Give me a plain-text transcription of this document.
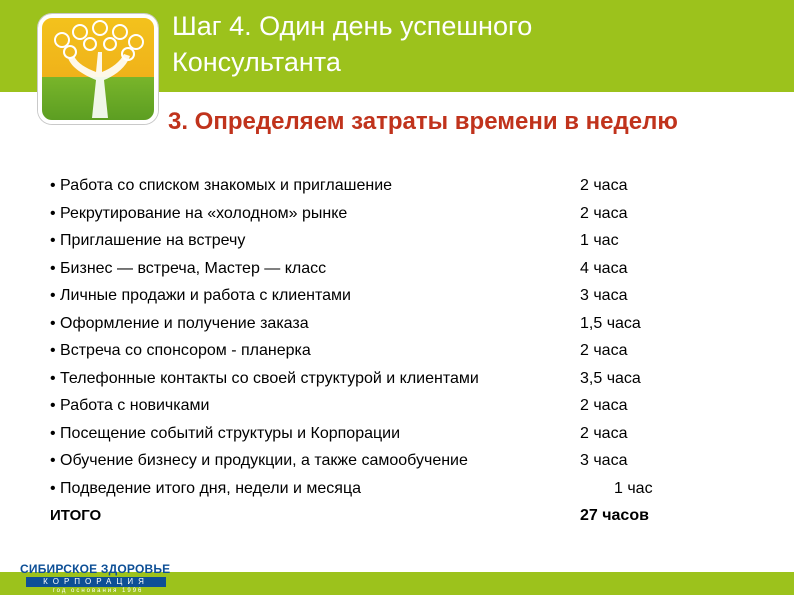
Шаг 4. Один день успешного
Консультанта
3. Определяем затраты времени в неделю
• Работа со списком знакомых и приглашение	2 часа
• Рекрутирование на «холодном» рынке	2 часа
• Приглашение на встречу	1 час
• Бизнес — встреча, Мастер — класс	4 часа
• Личные продажи и работа с клиентами	3 часа
• Оформление и получение заказа	1,5 часа
• Встреча со спонсором - планерка	2 часа
• Телефонные контакты со своей структурой и клиентами	3,5 часа
• Работа с новичками	2 часа
• Посещение событий структуры и Корпорации	2 часа
• Обучение бизнесу и продукции, а также самообучение	3 часа
• Подведение итого дня, недели и месяца	1 час
ИТОГО	27 часов
СИБИРСКОЕ ЗДОРОВЬЕ
КОРПОРАЦИЯ
год основания 1996
